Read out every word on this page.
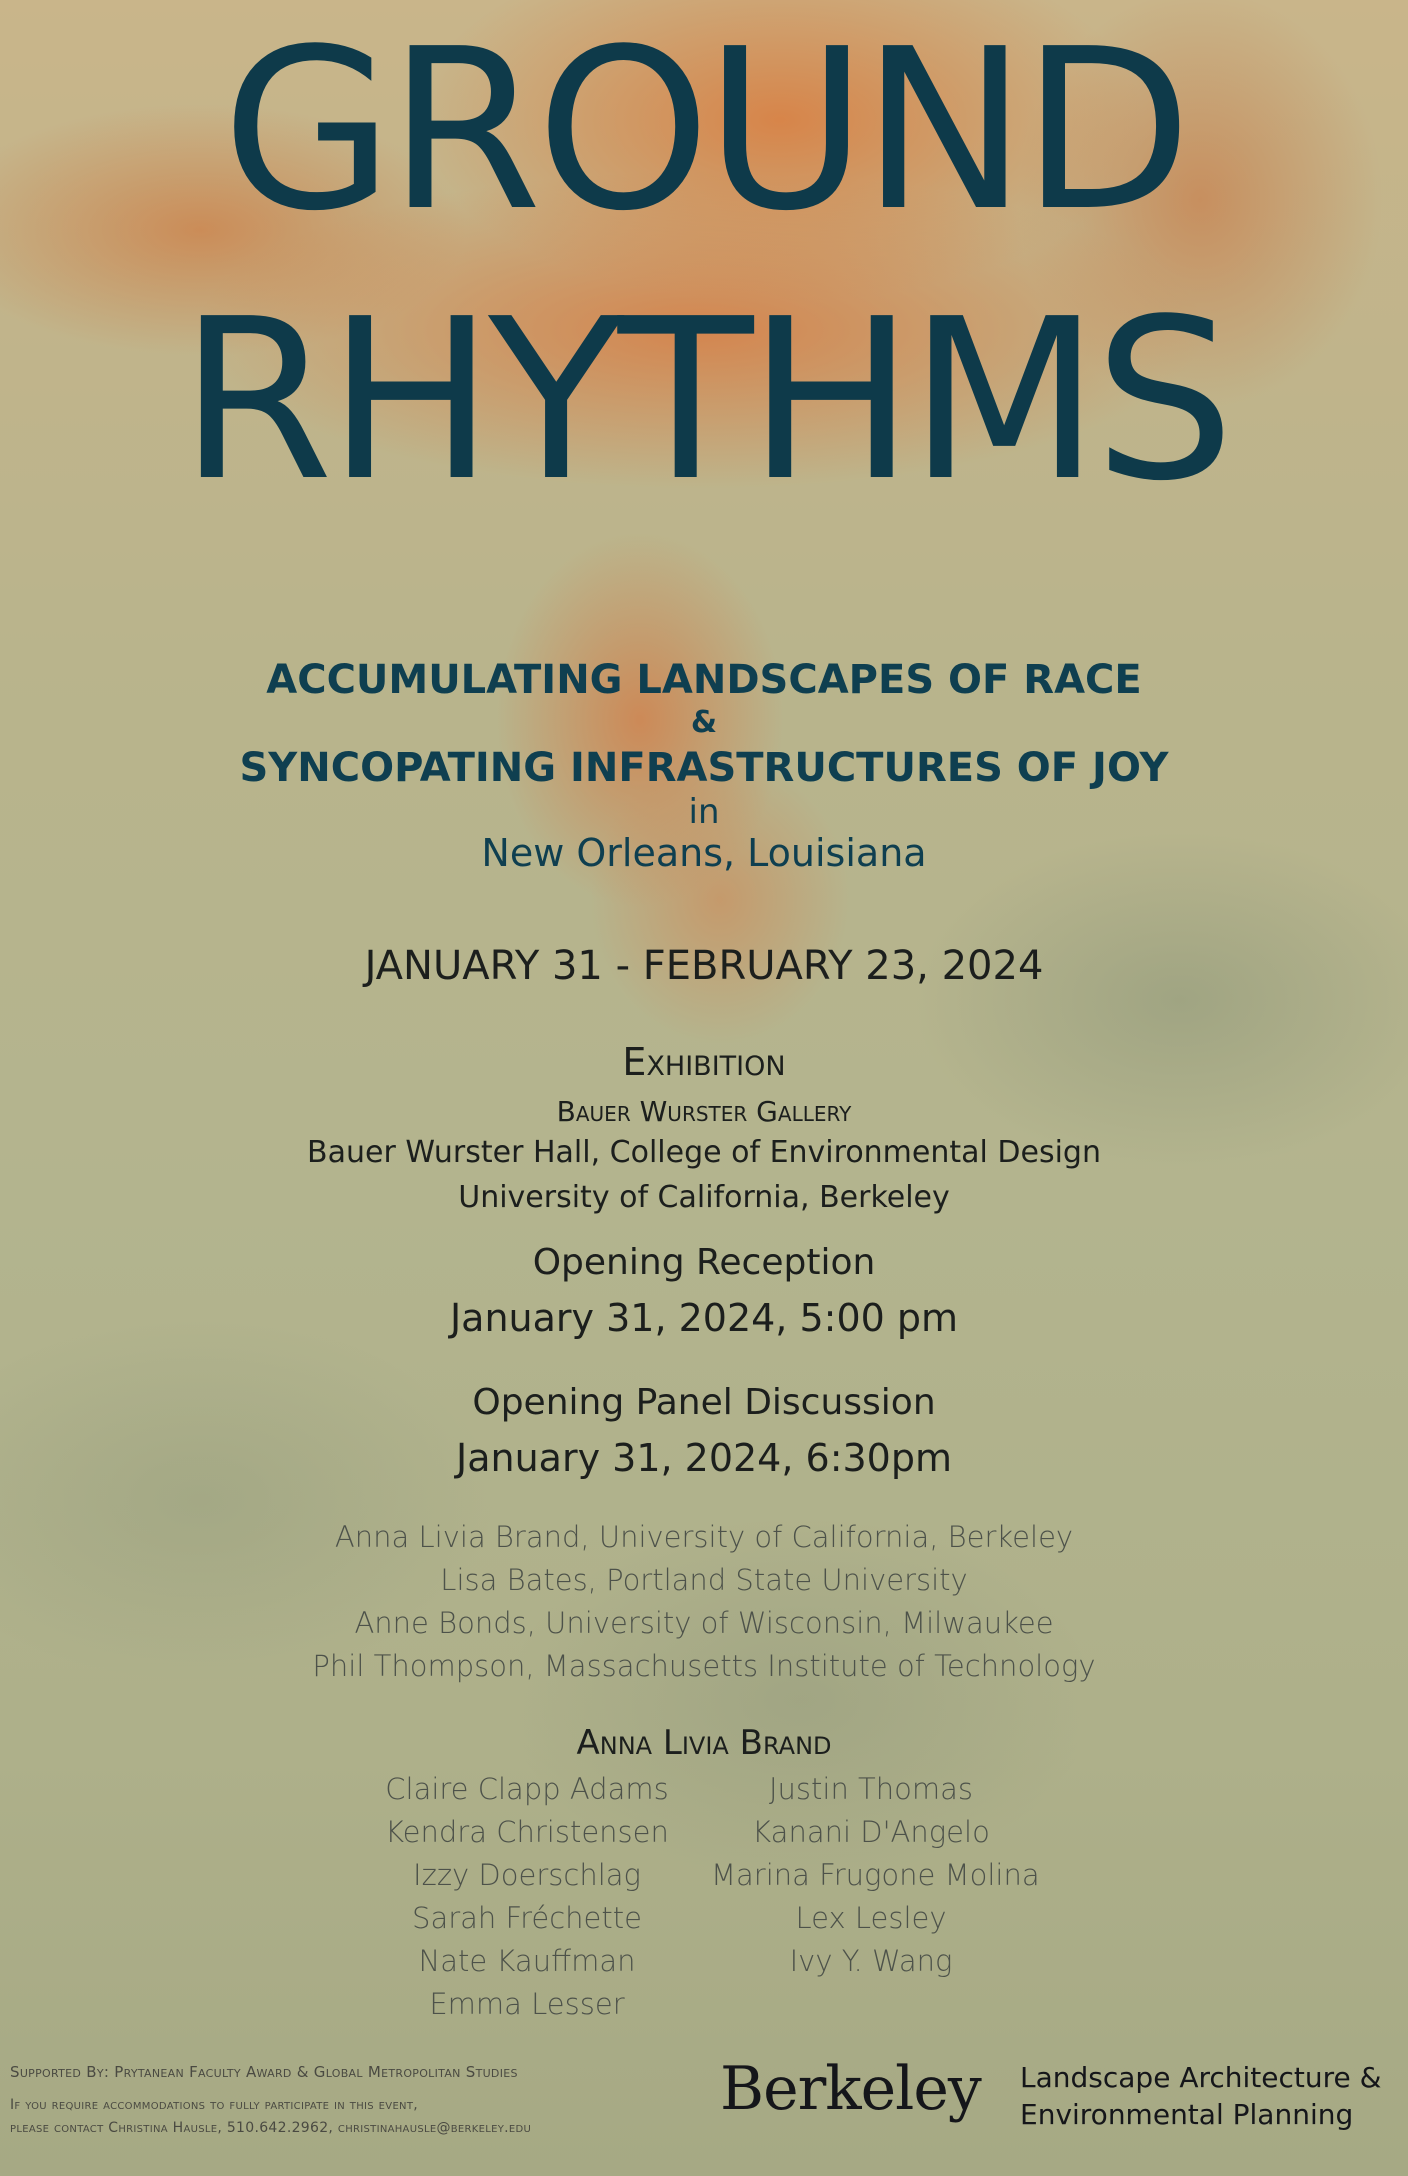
GROUND
RHYTHMS
ACCUMULATING LANDSCAPES OF RACE
&
SYNCOPATING INFRASTRUCTURES OF JOY
in
New Orleans, Louisiana
JANUARY 31 - FEBRUARY 23, 2024
Exhibition
Bauer Wurster Gallery
Bauer Wurster Hall, College of Environmental Design
University of California, Berkeley
Opening Reception
January 31, 2024, 5:00 pm
Opening Panel Discussion
January 31, 2024, 6:30pm
Anna Livia Brand, University of California, Berkeley
Lisa Bates, Portland State University
Anne Bonds, University of Wisconsin, Milwaukee
Phil Thompson, Massachusetts Institute of Technology
Anna Livia Brand
Claire Clapp Adams
Kendra Christensen
Izzy Doerschlag
Sarah Fréchette
Nate Kauffman
Emma Lesser
Justin Thomas
Kanani D'Angelo
Marina Frugone Molina
Lex Lesley
Ivy Y. Wang
Supported By: Prytanean Faculty Award & Global Metropolitan Studies
If you require accommodations to fully participate in this event,
please contact Christina Hausle, 510.642.2962, christinahausle@berkeley.edu
Berkeley Landscape Architecture &
Environmental Planning
